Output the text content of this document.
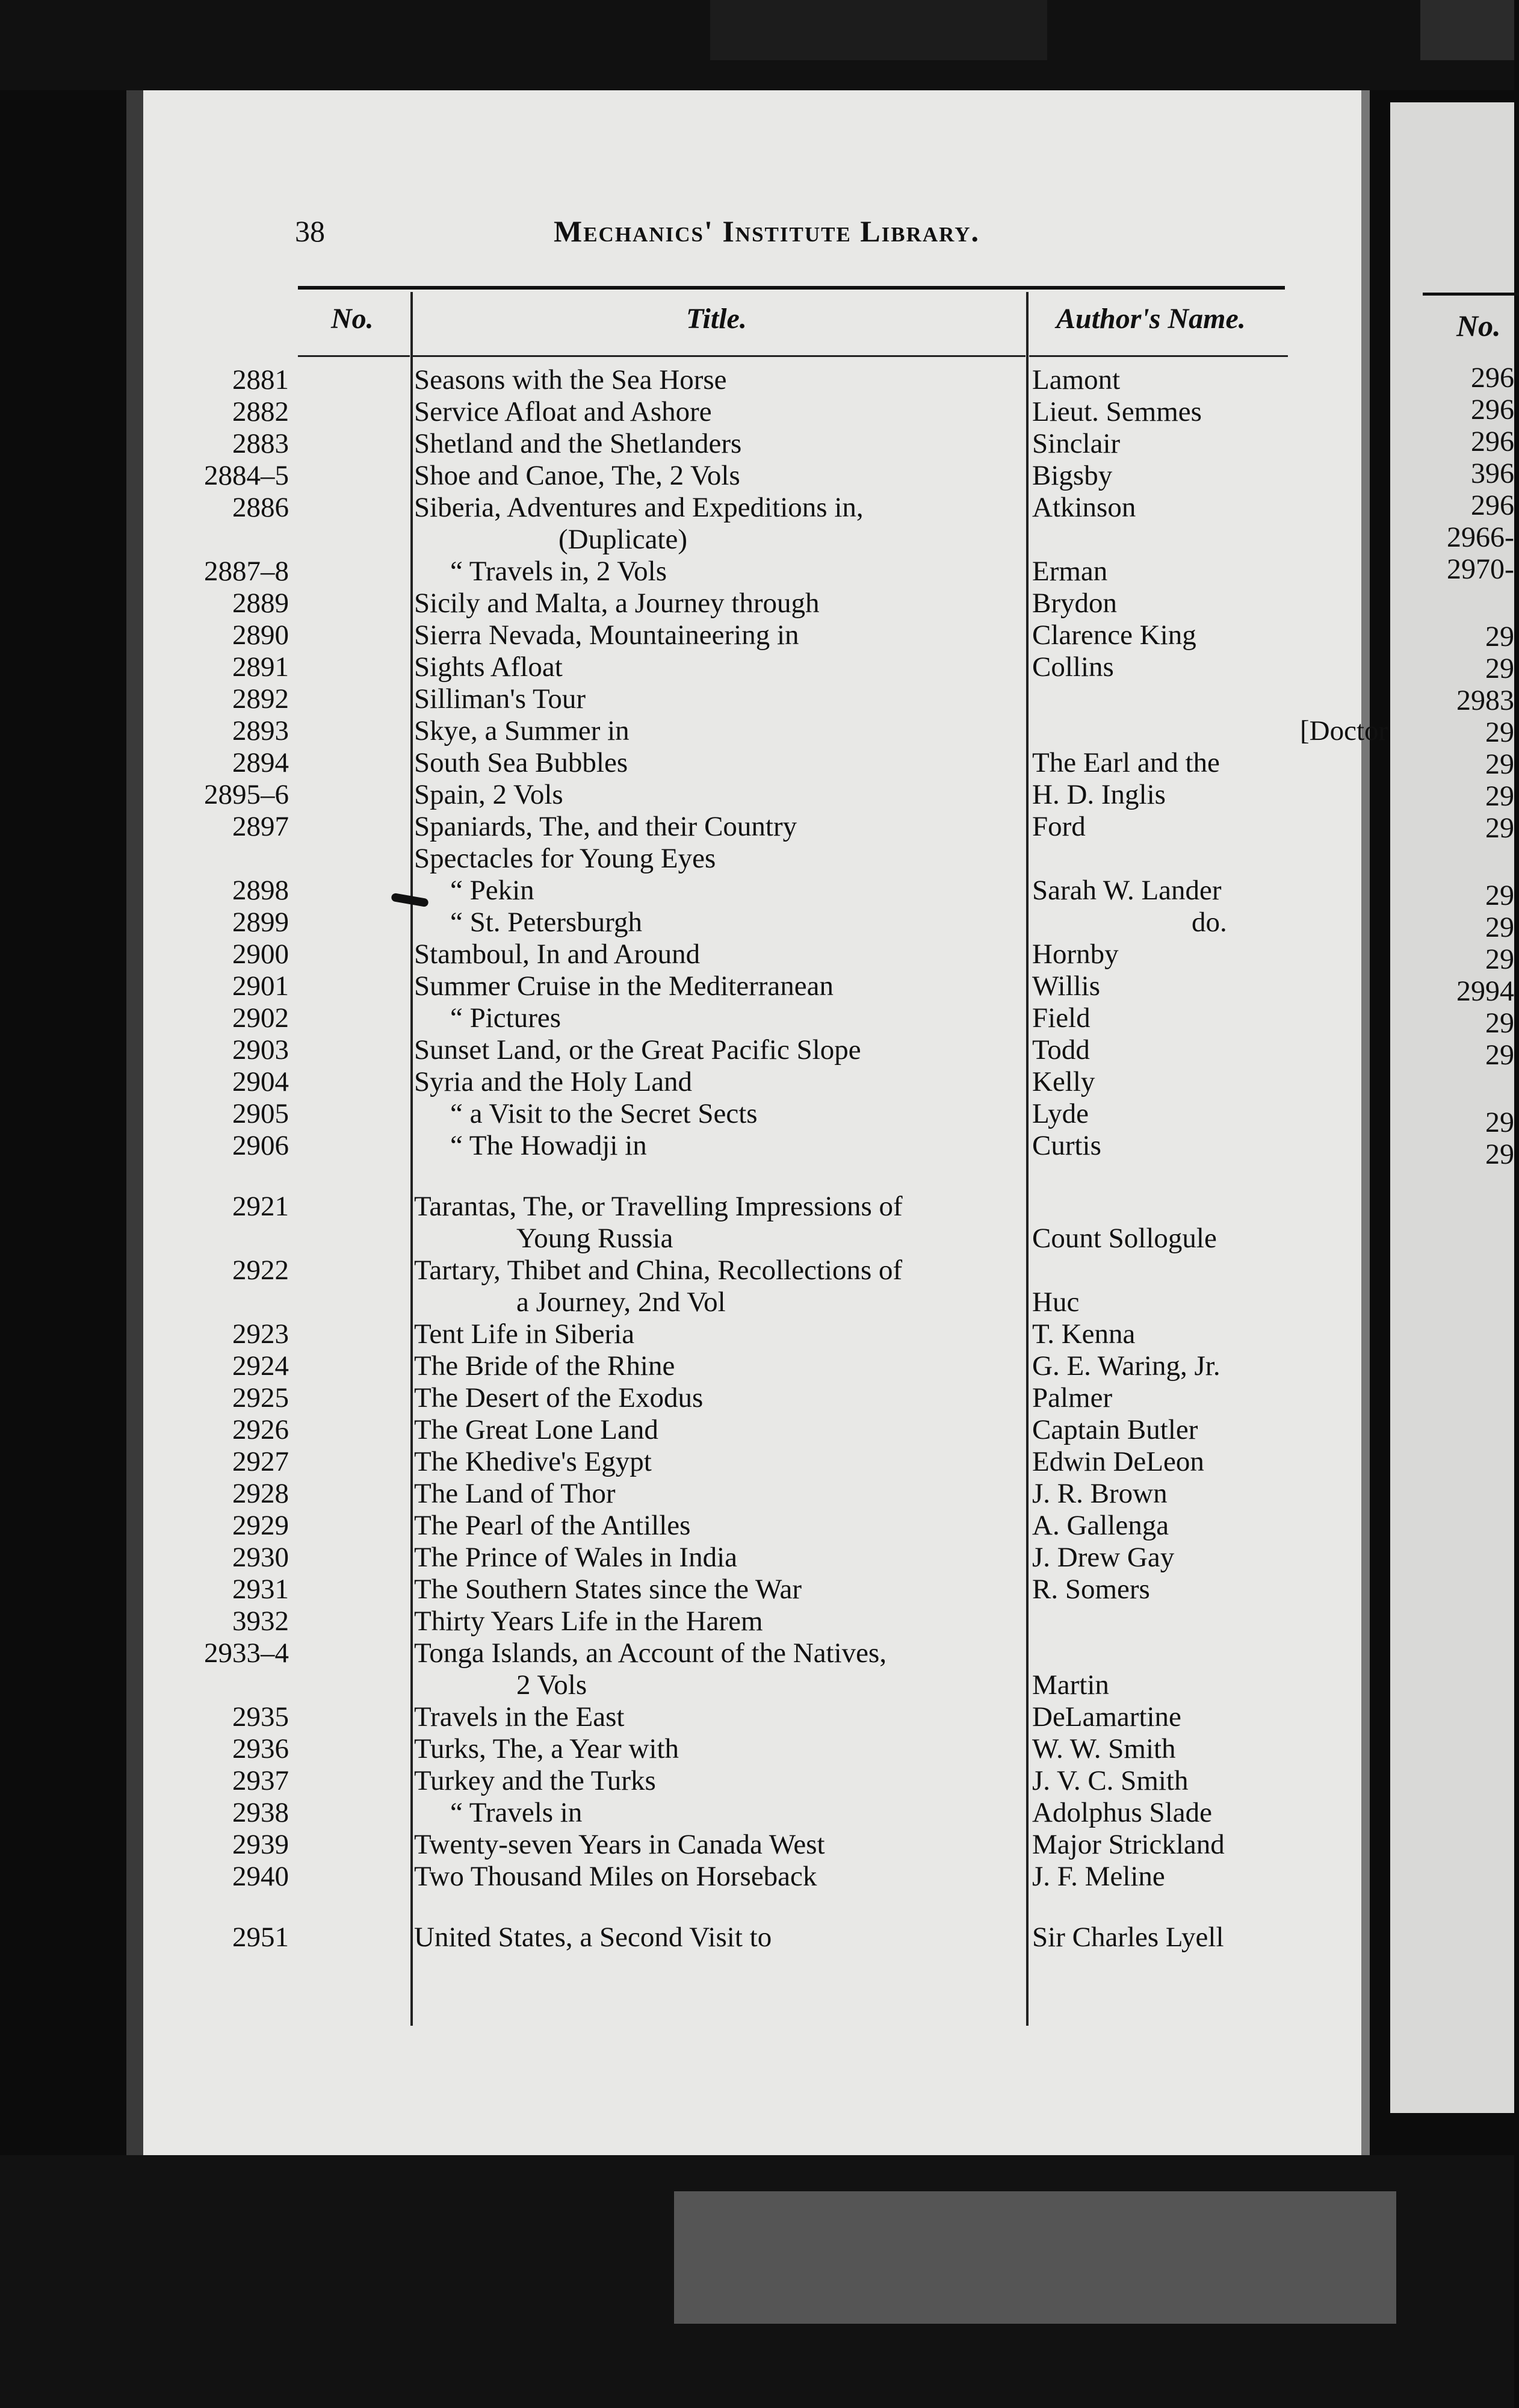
No.
296
296
296
396
296
2966-
2970-
29
29
2983
29
29
29
29
29
29
29
2994
29
29
29
29
38	Mechanics' Institute Library.
No.	Title.	Author's Name.
2881	Seasons with the Sea Horse	Lamont
2882	Service Afloat and Ashore	Lieut. Semmes
2883	Shetland and the Shetlanders	Sinclair
2884–5	Shoe and Canoe, The, 2 Vols	Bigsby
2886	Siberia, Adventures and Expeditions in,	Atkinson
(Duplicate)
2887–8	“ Travels in, 2 Vols	Erman
2889	Sicily and Malta, a Journey through	Brydon
2890	Sierra Nevada, Mountaineering in	Clarence King
2891	Sights Afloat	Collins
2892	Silliman's Tour
2893	Skye, a Summer in	[Doctor
2894	South Sea Bubbles	The Earl and the
2895–6	Spain, 2 Vols	H. D. Inglis
2897	Spaniards, The, and their Country	Ford
Spectacles for Young Eyes
2898	“ Pekin	Sarah W. Lander
2899	“ St. Petersburgh	do.
2900	Stamboul, In and Around	Hornby
2901	Summer Cruise in the Mediterranean	Willis
2902	“ Pictures	Field
2903	Sunset Land, or the Great Pacific Slope	Todd
2904	Syria and the Holy Land	Kelly
2905	“ a Visit to the Secret Sects	Lyde
2906	“ The Howadji in	Curtis
2921	Tarantas, The, or Travelling Impressions of
Young Russia	Count Sollogule
2922	Tartary, Thibet and China, Recollections of
a Journey, 2nd Vol	Huc
2923	Tent Life in Siberia	T. Kenna
2924	The Bride of the Rhine	G. E. Waring, Jr.
2925	The Desert of the Exodus	Palmer
2926	The Great Lone Land	Captain Butler
2927	The Khedive's Egypt	Edwin DeLeon
2928	The Land of Thor	J. R. Brown
2929	The Pearl of the Antilles	A. Gallenga
2930	The Prince of Wales in India	J. Drew Gay
2931	The Southern States since the War	R. Somers
3932	Thirty Years Life in the Harem
2933–4	Tonga Islands, an Account of the Natives,
2 Vols	Martin
2935	Travels in the East	DeLamartine
2936	Turks, The, a Year with	W. W. Smith
2937	Turkey and the Turks	J. V. C. Smith
2938	“ Travels in	Adolphus Slade
2939	Twenty-seven Years in Canada West	Major Strickland
2940	Two Thousand Miles on Horseback	J. F. Meline
2951	United States, a Second Visit to	Sir Charles Lyell
